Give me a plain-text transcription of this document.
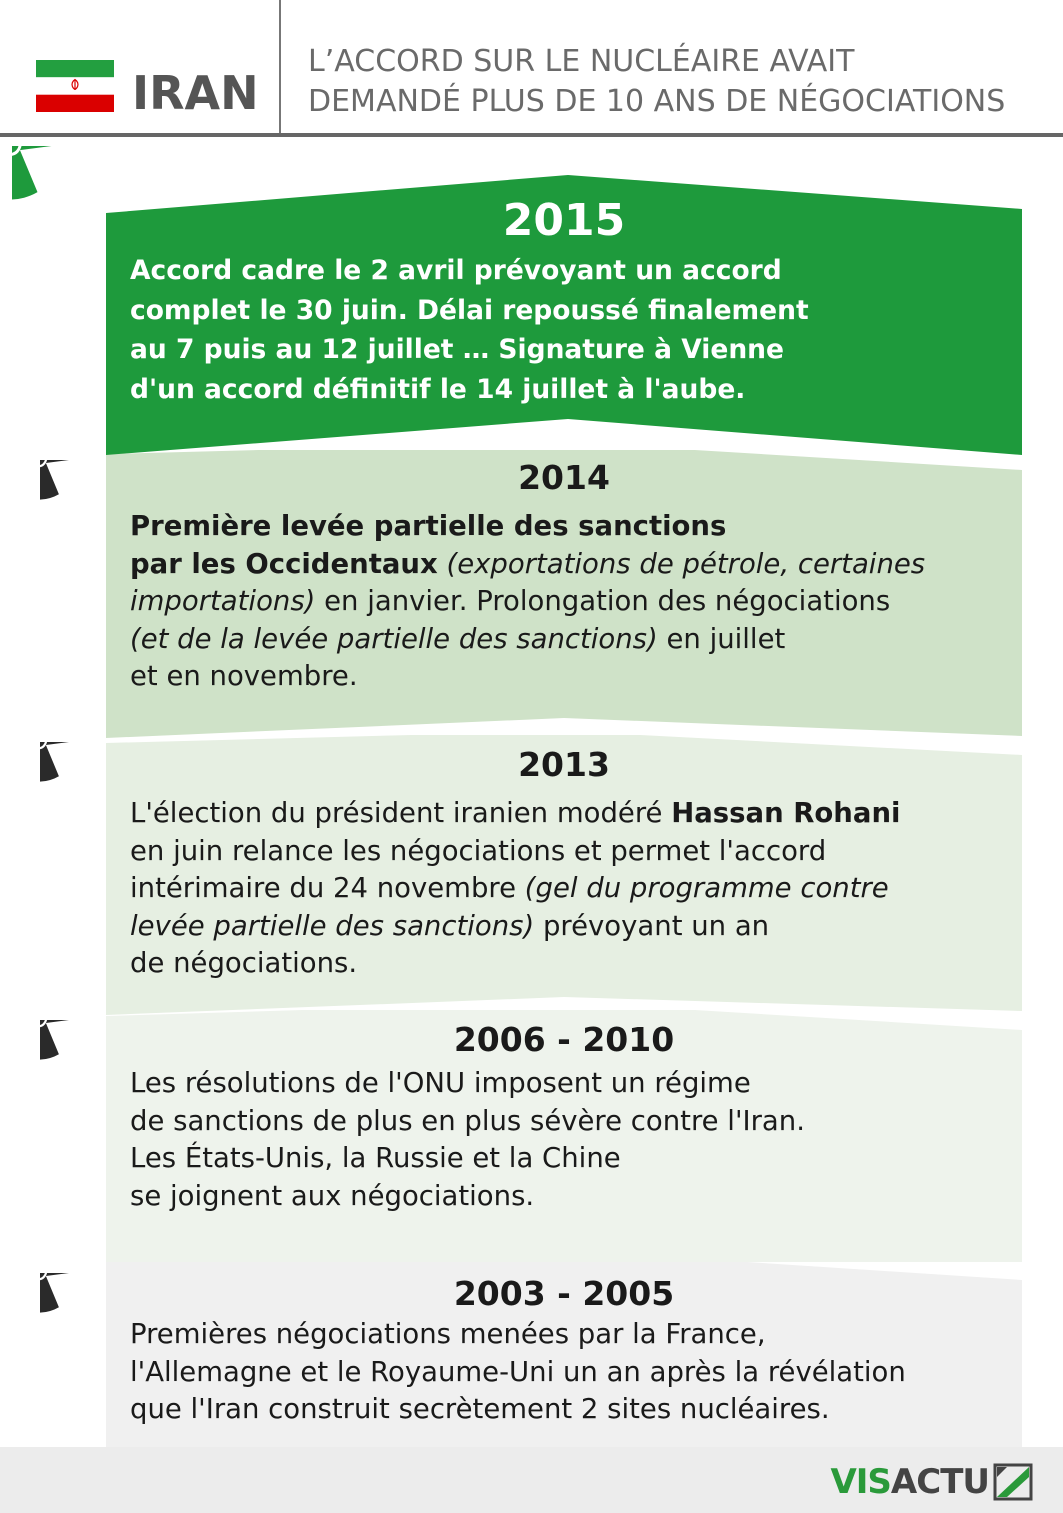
IRAN
L’ACCORD SUR LE NUCLÉAIRE AVAIT
DEMANDÉ PLUS DE 10 ANS DE NÉGOCIATIONS
2003 - 2005
Premières négociations menées par la France,
l'Allemagne et le Royaume-Uni un an après la révélation
que l'Iran construit secrètement 2 sites nucléaires.
2006 - 2010
Les résolutions de l'ONU imposent un régime
de sanctions de plus en plus sévère contre l'Iran.
Les États-Unis, la Russie et la Chine
se joignent aux négociations.
2013
L'élection du président iranien modéré Hassan Rohani
en juin relance les négociations et permet l'accord
intérimaire du 24 novembre (gel du programme contre
levée partielle des sanctions) prévoyant un an
de négociations.
2014
Première levée partielle des sanctions
par les Occidentaux (exportations de pétrole, certaines
importations) en janvier. Prolongation des négociations
(et de la levée partielle des sanctions) en juillet
et en novembre.
2015
Accord cadre le 2 avril prévoyant un accord
complet le 30 juin. Délai repoussé finalement
au 7 puis au 12 juillet … Signature à Vienne
d'un accord définitif le 14 juillet à l'aube.
VIS ACTU
